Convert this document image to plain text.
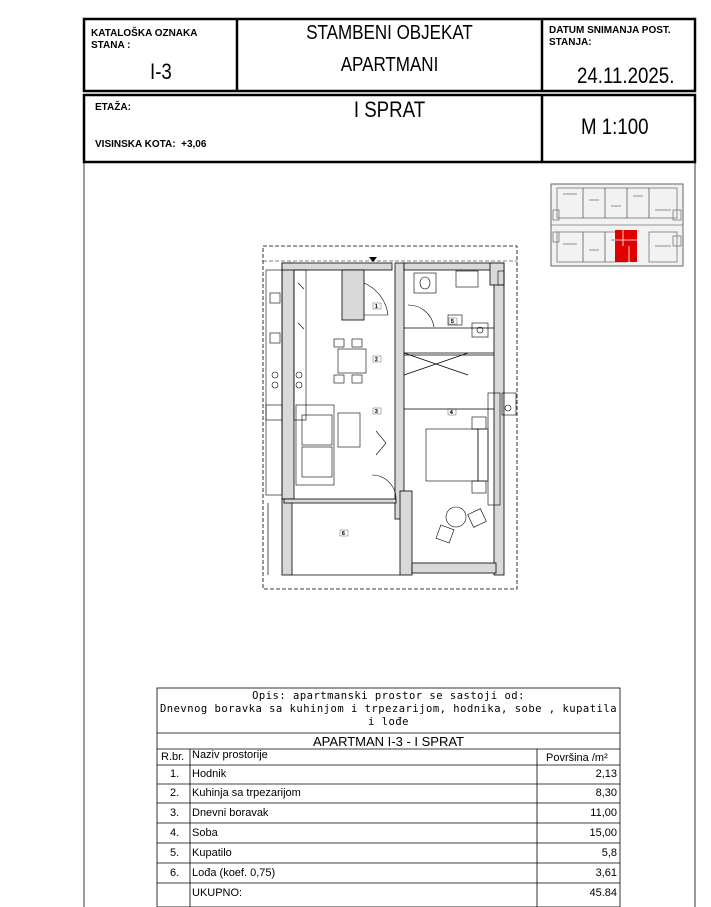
KATALOŠKA OZNAKA
STANA :
I-3
STAMBENI OBJEKAT
APARTMANI
DATUM SNIMANJA POST.
STANJA:
24.11.2025.
ETAŽA:	I SPRAT
VISINSKA KOTA: +3,06
M 1:100
1
2
3	4
5
6
Opis: apartmanski prostor se sastoji od:
Dnevnog boravka sa kuhinjom i trpezarijom, hodnika, sobe , kupatila
i lođe
APARTMAN I-3 - I SPRAT
R.br. Naziv prostorije	Površina /m²
1. Hodnik	2,13
2. Kuhinja sa trpezarijom	8,30
3. Dnevni boravak	11,00
4. Soba	15,00
5. Kupatilo	5,8
6. Lođa (koef. 0,75)	3,61
UKUPNO:	45.84
